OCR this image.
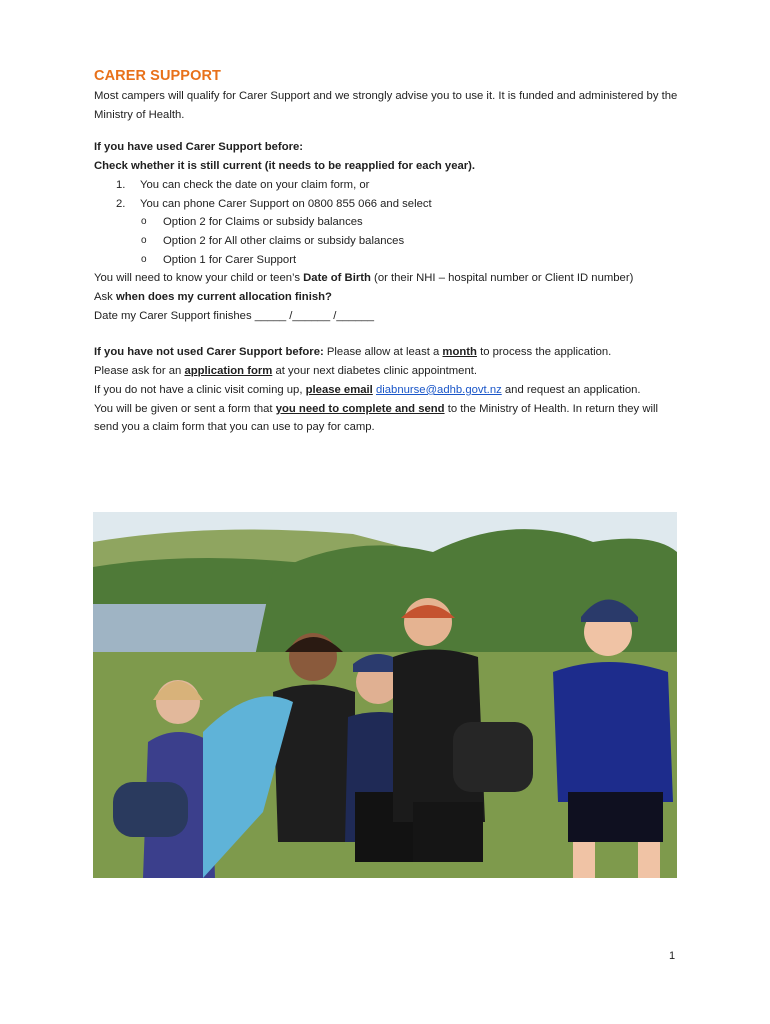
CARER SUPPORT

Most campers will qualify for Carer Support and we strongly advise you to use it. It is funded and administered by the Ministry of Health.

If you have used Carer Support before:

Check whether it is still current (it needs to be reapplied for each year).

1. You can check the date on your claim form, or
2. You can phone Carer Support on 0800 855 066 and select
o Option 2 for Claims or subsidy balances
o Option 2 for All other claims or subsidy balances
o Option 1 for Carer Support

You will need to know your child or teen’s Date of Birth (or their NHI – hospital number or Client ID number)

Ask when does my current allocation finish?

Date my Carer Support finishes _____ /______ /______

If you have not used Carer Support before: Please allow at least a month to process the application.

Please ask for an application form at your next diabetes clinic appointment.

If you do not have a clinic visit coming up, please email diabnurse@adhb.govt.nz and request an application.

You will be given or sent a form that you need to complete and send to the Ministry of Health. In return they will send you a claim form that you can use to pay for camp.

1
